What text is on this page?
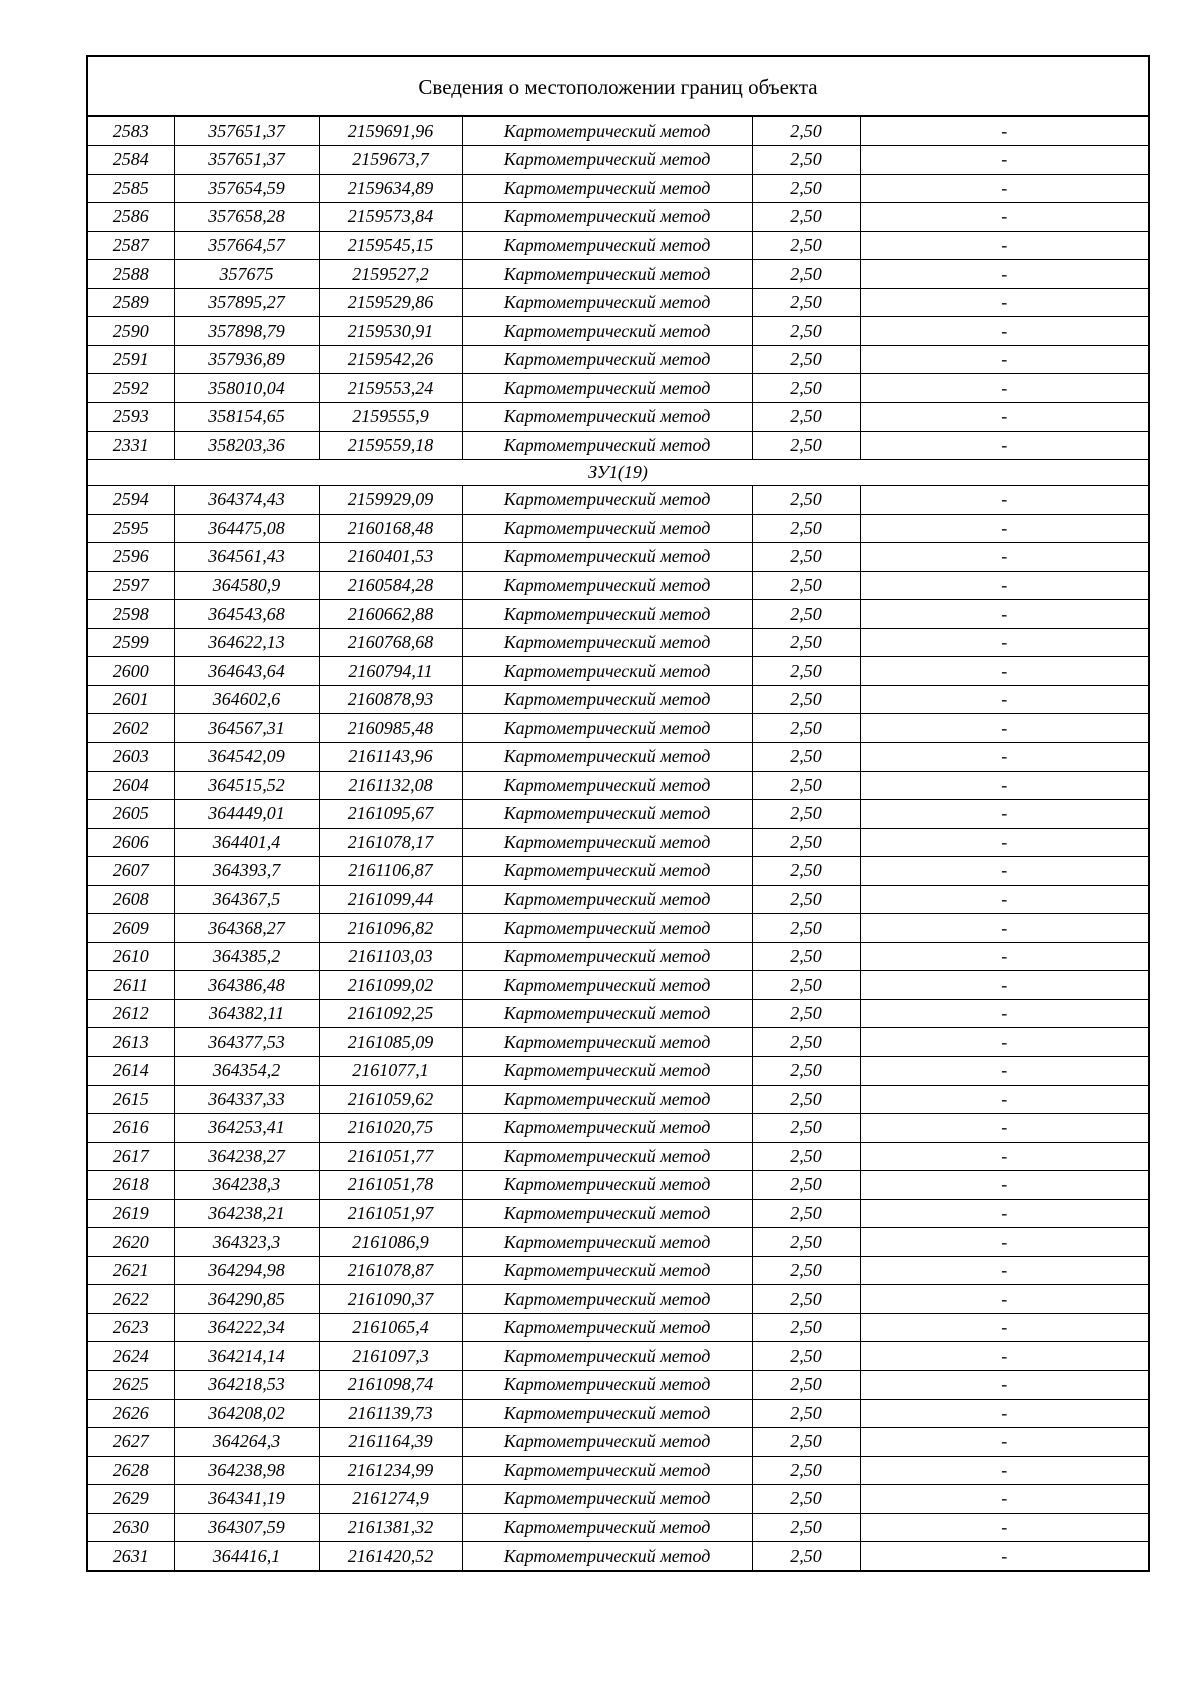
Сведения о местоположении границ объекта
2583	357651,37	2159691,96	Картометрический метод	2,50	-
2584	357651,37	2159673,7	Картометрический метод	2,50	-
2585	357654,59	2159634,89	Картометрический метод	2,50	-
2586	357658,28	2159573,84	Картометрический метод	2,50	-
2587	357664,57	2159545,15	Картометрический метод	2,50	-
2588	357675	2159527,2	Картометрический метод	2,50	-
2589	357895,27	2159529,86	Картометрический метод	2,50	-
2590	357898,79	2159530,91	Картометрический метод	2,50	-
2591	357936,89	2159542,26	Картометрический метод	2,50	-
2592	358010,04	2159553,24	Картометрический метод	2,50	-
2593	358154,65	2159555,9	Картометрический метод	2,50	-
2331	358203,36	2159559,18	Картометрический метод	2,50	-
ЗУ1(19)					
2594	364374,43	2159929,09	Картометрический метод	2,50	-
2595	364475,08	2160168,48	Картометрический метод	2,50	-
2596	364561,43	2160401,53	Картометрический метод	2,50	-
2597	364580,9	2160584,28	Картометрический метод	2,50	-
2598	364543,68	2160662,88	Картометрический метод	2,50	-
2599	364622,13	2160768,68	Картометрический метод	2,50	-
2600	364643,64	2160794,11	Картометрический метод	2,50	-
2601	364602,6	2160878,93	Картометрический метод	2,50	-
2602	364567,31	2160985,48	Картометрический метод	2,50	-
2603	364542,09	2161143,96	Картометрический метод	2,50	-
2604	364515,52	2161132,08	Картометрический метод	2,50	-
2605	364449,01	2161095,67	Картометрический метод	2,50	-
2606	364401,4	2161078,17	Картометрический метод	2,50	-
2607	364393,7	2161106,87	Картометрический метод	2,50	-
2608	364367,5	2161099,44	Картометрический метод	2,50	-
2609	364368,27	2161096,82	Картометрический метод	2,50	-
2610	364385,2	2161103,03	Картометрический метод	2,50	-
2611	364386,48	2161099,02	Картометрический метод	2,50	-
2612	364382,11	2161092,25	Картометрический метод	2,50	-
2613	364377,53	2161085,09	Картометрический метод	2,50	-
2614	364354,2	2161077,1	Картометрический метод	2,50	-
2615	364337,33	2161059,62	Картометрический метод	2,50	-
2616	364253,41	2161020,75	Картометрический метод	2,50	-
2617	364238,27	2161051,77	Картометрический метод	2,50	-
2618	364238,3	2161051,78	Картометрический метод	2,50	-
2619	364238,21	2161051,97	Картометрический метод	2,50	-
2620	364323,3	2161086,9	Картометрический метод	2,50	-
2621	364294,98	2161078,87	Картометрический метод	2,50	-
2622	364290,85	2161090,37	Картометрический метод	2,50	-
2623	364222,34	2161065,4	Картометрический метод	2,50	-
2624	364214,14	2161097,3	Картометрический метод	2,50	-
2625	364218,53	2161098,74	Картометрический метод	2,50	-
2626	364208,02	2161139,73	Картометрический метод	2,50	-
2627	364264,3	2161164,39	Картометрический метод	2,50	-
2628	364238,98	2161234,99	Картометрический метод	2,50	-
2629	364341,19	2161274,9	Картометрический метод	2,50	-
2630	364307,59	2161381,32	Картометрический метод	2,50	-
2631	364416,1	2161420,52	Картометрический метод	2,50	-
